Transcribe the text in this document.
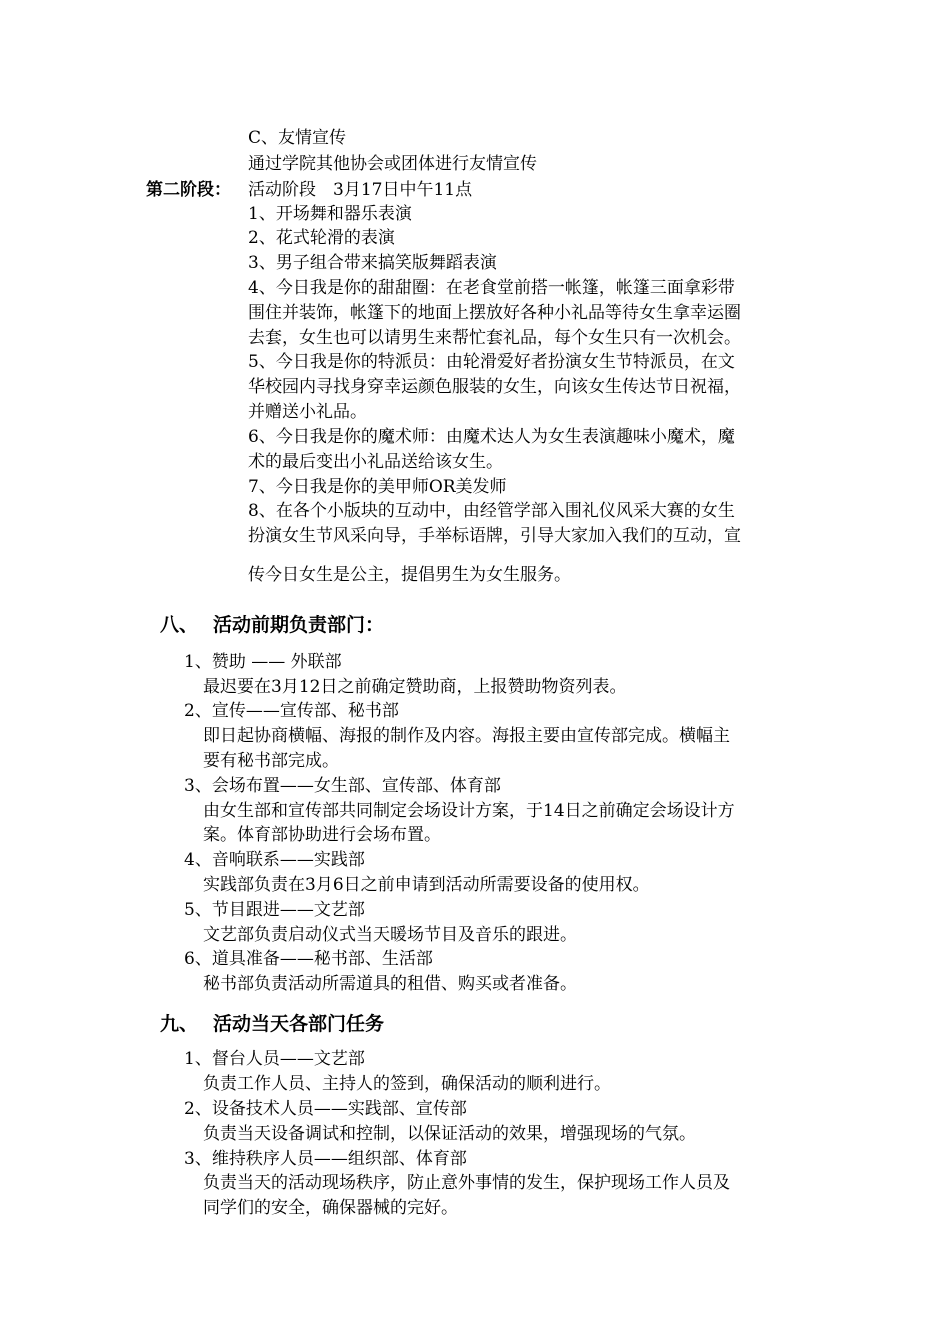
C、友情宣传
通过学院其他协会或团体进行友情宣传
第二阶段： 活动阶段　3月17日中午11点
1、开场舞和器乐表演
2、花式轮滑的表演
3、男子组合带来搞笑版舞蹈表演
4、今日我是你的甜甜圈：在老食堂前搭一帐篷，帐篷三面拿彩带
围住并装饰，帐篷下的地面上摆放好各种小礼品等待女生拿幸运圈
去套，女生也可以请男生来帮忙套礼品，每个女生只有一次机会。
5、今日我是你的特派员：由轮滑爱好者扮演女生节特派员，在文
华校园内寻找身穿幸运颜色服装的女生，向该女生传达节日祝福，
并赠送小礼品。
6、今日我是你的魔术师：由魔术达人为女生表演趣味小魔术，魔
术的最后变出小礼品送给该女生。
7、今日我是你的美甲师OR美发师
8、在各个小版块的互动中，由经管学部入围礼仪风采大赛的女生
扮演女生节风采向导，手举标语牌，引导大家加入我们的互动，宣
传今日女生是公主，提倡男生为女生服务。
八、 活动前期负责部门：
1、赞助 —— 外联部
最迟要在3月12日之前确定赞助商，上报赞助物资列表。
2、宣传——宣传部、秘书部
即日起协商横幅、海报的制作及内容。海报主要由宣传部完成。横幅主
要有秘书部完成。
3、会场布置——女生部、宣传部、体育部
由女生部和宣传部共同制定会场设计方案，于14日之前确定会场设计方
案。体育部协助进行会场布置。
4、音响联系——实践部
实践部负责在3月6日之前申请到活动所需要设备的使用权。
5、节目跟进——文艺部
文艺部负责启动仪式当天暖场节目及音乐的跟进。
6、道具准备——秘书部、生活部
秘书部负责活动所需道具的租借、购买或者准备。
九、 活动当天各部门任务
1、督台人员——文艺部
负责工作人员、主持人的签到，确保活动的顺利进行。
2、设备技术人员——实践部、宣传部
负责当天设备调试和控制，以保证活动的效果，增强现场的气氛。
3、维持秩序人员——组织部、体育部
负责当天的活动现场秩序，防止意外事情的发生，保护现场工作人员及
同学们的安全，确保器械的完好。
